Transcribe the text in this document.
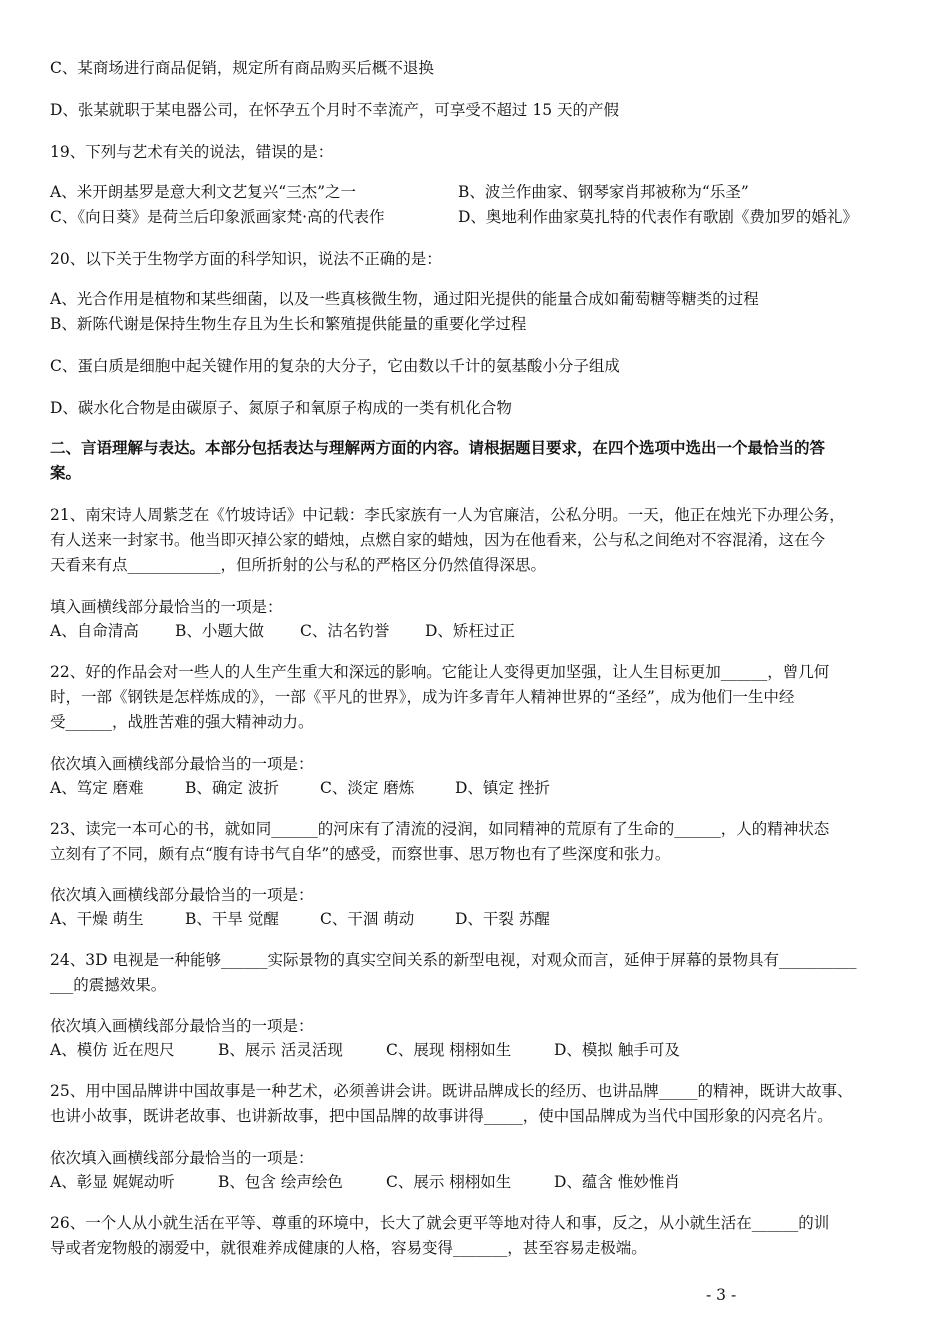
C、某商场进行商品促销，规定所有商品购买后概不退换
D、张某就职于某电器公司，在怀孕五个月时不幸流产，可享受不超过 15 天的产假
19、下列与艺术有关的说法，错误的是：
A、米开朗基罗是意大利文艺复兴“三杰”之一	B、波兰作曲家、钢琴家肖邦被称为“乐圣”
C、《向日葵》是荷兰后印象派画家梵·高的代表作	D、奥地利作曲家莫扎特的代表作有歌剧《费加罗的婚礼》
20、以下关于生物学方面的科学知识，说法不正确的是：
A、光合作用是植物和某些细菌，以及一些真核微生物，通过阳光提供的能量合成如葡萄糖等糖类的过程
B、新陈代谢是保持生物生存且为生长和繁殖提供能量的重要化学过程
C、蛋白质是细胞中起关键作用的复杂的大分子，它由数以千计的氨基酸小分子组成
D、碳水化合物是由碳原子、氮原子和氧原子构成的一类有机化合物
二、言语理解与表达。本部分包括表达与理解两方面的内容。请根据题目要求，在四个选项中选出一个最恰当的答
案。
21、南宋诗人周紫芝在《竹坡诗话》中记载：李氏家族有一人为官廉洁，公私分明。一天，他正在烛光下办理公务，
有人送来一封家书。他当即灭掉公家的蜡烛，点燃自家的蜡烛，因为在他看来，公与私之间绝对不容混淆，这在今
天看来有点____________，但所折射的公与私的严格区分仍然值得深思。
填入画横线部分最恰当的一项是：
A、自命清高 B、小题大做 C、沽名钓誉 D、矫枉过正
22、好的作品会对一些人的人生产生重大和深远的影响。它能让人变得更加坚强，让人生目标更加______，曾几何
时，一部《钢铁是怎样炼成的》，一部《平凡的世界》，成为许多青年人精神世界的“圣经”，成为他们一生中经
受______，战胜苦难的强大精神动力。
依次填入画横线部分最恰当的一项是：
A、笃定 磨难	B、确定 波折	C、淡定 磨炼	D、镇定 挫折
23、读完一本可心的书，就如同______的河床有了清流的浸润，如同精神的荒原有了生命的______，人的精神状态
立刻有了不同，颇有点“腹有诗书气自华”的感受，而察世事、思万物也有了些深度和张力。
依次填入画横线部分最恰当的一项是：
A、干燥 萌生	B、干旱 觉醒	C、干涸 萌动	D、干裂 苏醒
24、3D 电视是一种能够______实际景物的真实空间关系的新型电视，对观众而言，延伸于屏幕的景物具有__________
___的震撼效果。
依次填入画横线部分最恰当的一项是：
A、模仿 近在咫尺	B、展示 活灵活现	C、展现 栩栩如生	D、模拟 触手可及
25、用中国品牌讲中国故事是一种艺术，必须善讲会讲。既讲品牌成长的经历、也讲品牌_____的精神，既讲大故事、
也讲小故事，既讲老故事、也讲新故事，把中国品牌的故事讲得_____，使中国品牌成为当代中国形象的闪亮名片。
依次填入画横线部分最恰当的一项是：
A、彰显 娓娓动听	B、包含 绘声绘色	C、展示 栩栩如生	D、蕴含 惟妙惟肖
26、一个人从小就生活在平等、尊重的环境中，长大了就会更平等地对待人和事，反之，从小就生活在______的训
导或者宠物般的溺爱中，就很难养成健康的人格，容易变得_______，甚至容易走极端。
- 3 -
